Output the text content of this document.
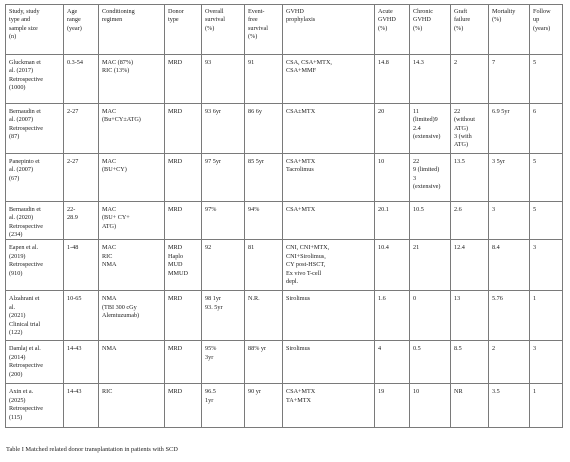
Study, study
type and
sample size
(n)	Age
range
(year)	Conditioning
regimen	Donor
type	Overall
survival
(%)	Event-
free
survival
(%)	GVHD
prophylaxis	Acute
GVHD
(%)	Chronic
GVHD
(%)	Graft
failure
(%)	Mortality
(%)	Follow
up
(years)

Gluckman et
al. (2017)
Retrospective
(1000)	0.3-54	MAC (87%)
RIC (13%)	MRD	93	91	CSA, CSA+MTX,
CSA+MMF	14.8	14.3	2	7	5

Bernaudin et
al. (2007)
Retrospective
(87)	2-27	MAC
(Bu+CY±ATG)	MRD	93 6yr	86 6y	CSA±MTX	20	11
(limited)9
2.4
(extensive)	22
(without
ATG)
3 (with
ATG)	6.9 5yr	6

Panepinto et
al. (2007)
(67)	2-27	MAC
(BU+CY)	MRD	97 5yr	85 5yr	CSA+MTX
Tacrolimus	10	22
9 (limited)
3
(extensive)	13.5	3 5yr	5

Bernaudin et
al. (2020)
Retrospective
(234)	22-
28.9	MAC
(BU+ CY+
ATG)	MRD	97%	94%	CSA+MTX	20.1	10.5	2.6	3	5

Eapen et al.
(2019)
Retrospective
(910)	1-48	MAC
RIC
NMA	MRD
Haplo
MUD
MMUD	92	81	CNI, CNI+MTX,
CNI+Sirolimus,
CY post-HSCT,
Ex vivo T-cell
depl.	10.4	21	12.4	8.4	3

Alzahrani et
al.
(2021)
Clinical trial
(122)	10-65	NMA
(TBI 300 cGy
Alemtuzumab)	MRD	98 1yr
93. 5yr	N.R.	Sirolimus	1.6	0	13	5.76	1

Damlaj et al.
(2014)
Retrospective
(200)	14-43	NMA	MRD	95%
3yr	88% yr	Sirolimus	4	0.5	8.5	2	3

Axin et a.
(2025)
Retrospective
(115)	14-43	RIC	MRD	96.5
1yr	90 yr	CSA+MTX
TA+MTX	19	10	NR	3.5	1
Table I Matched related donor transplantation in patients with SCD
